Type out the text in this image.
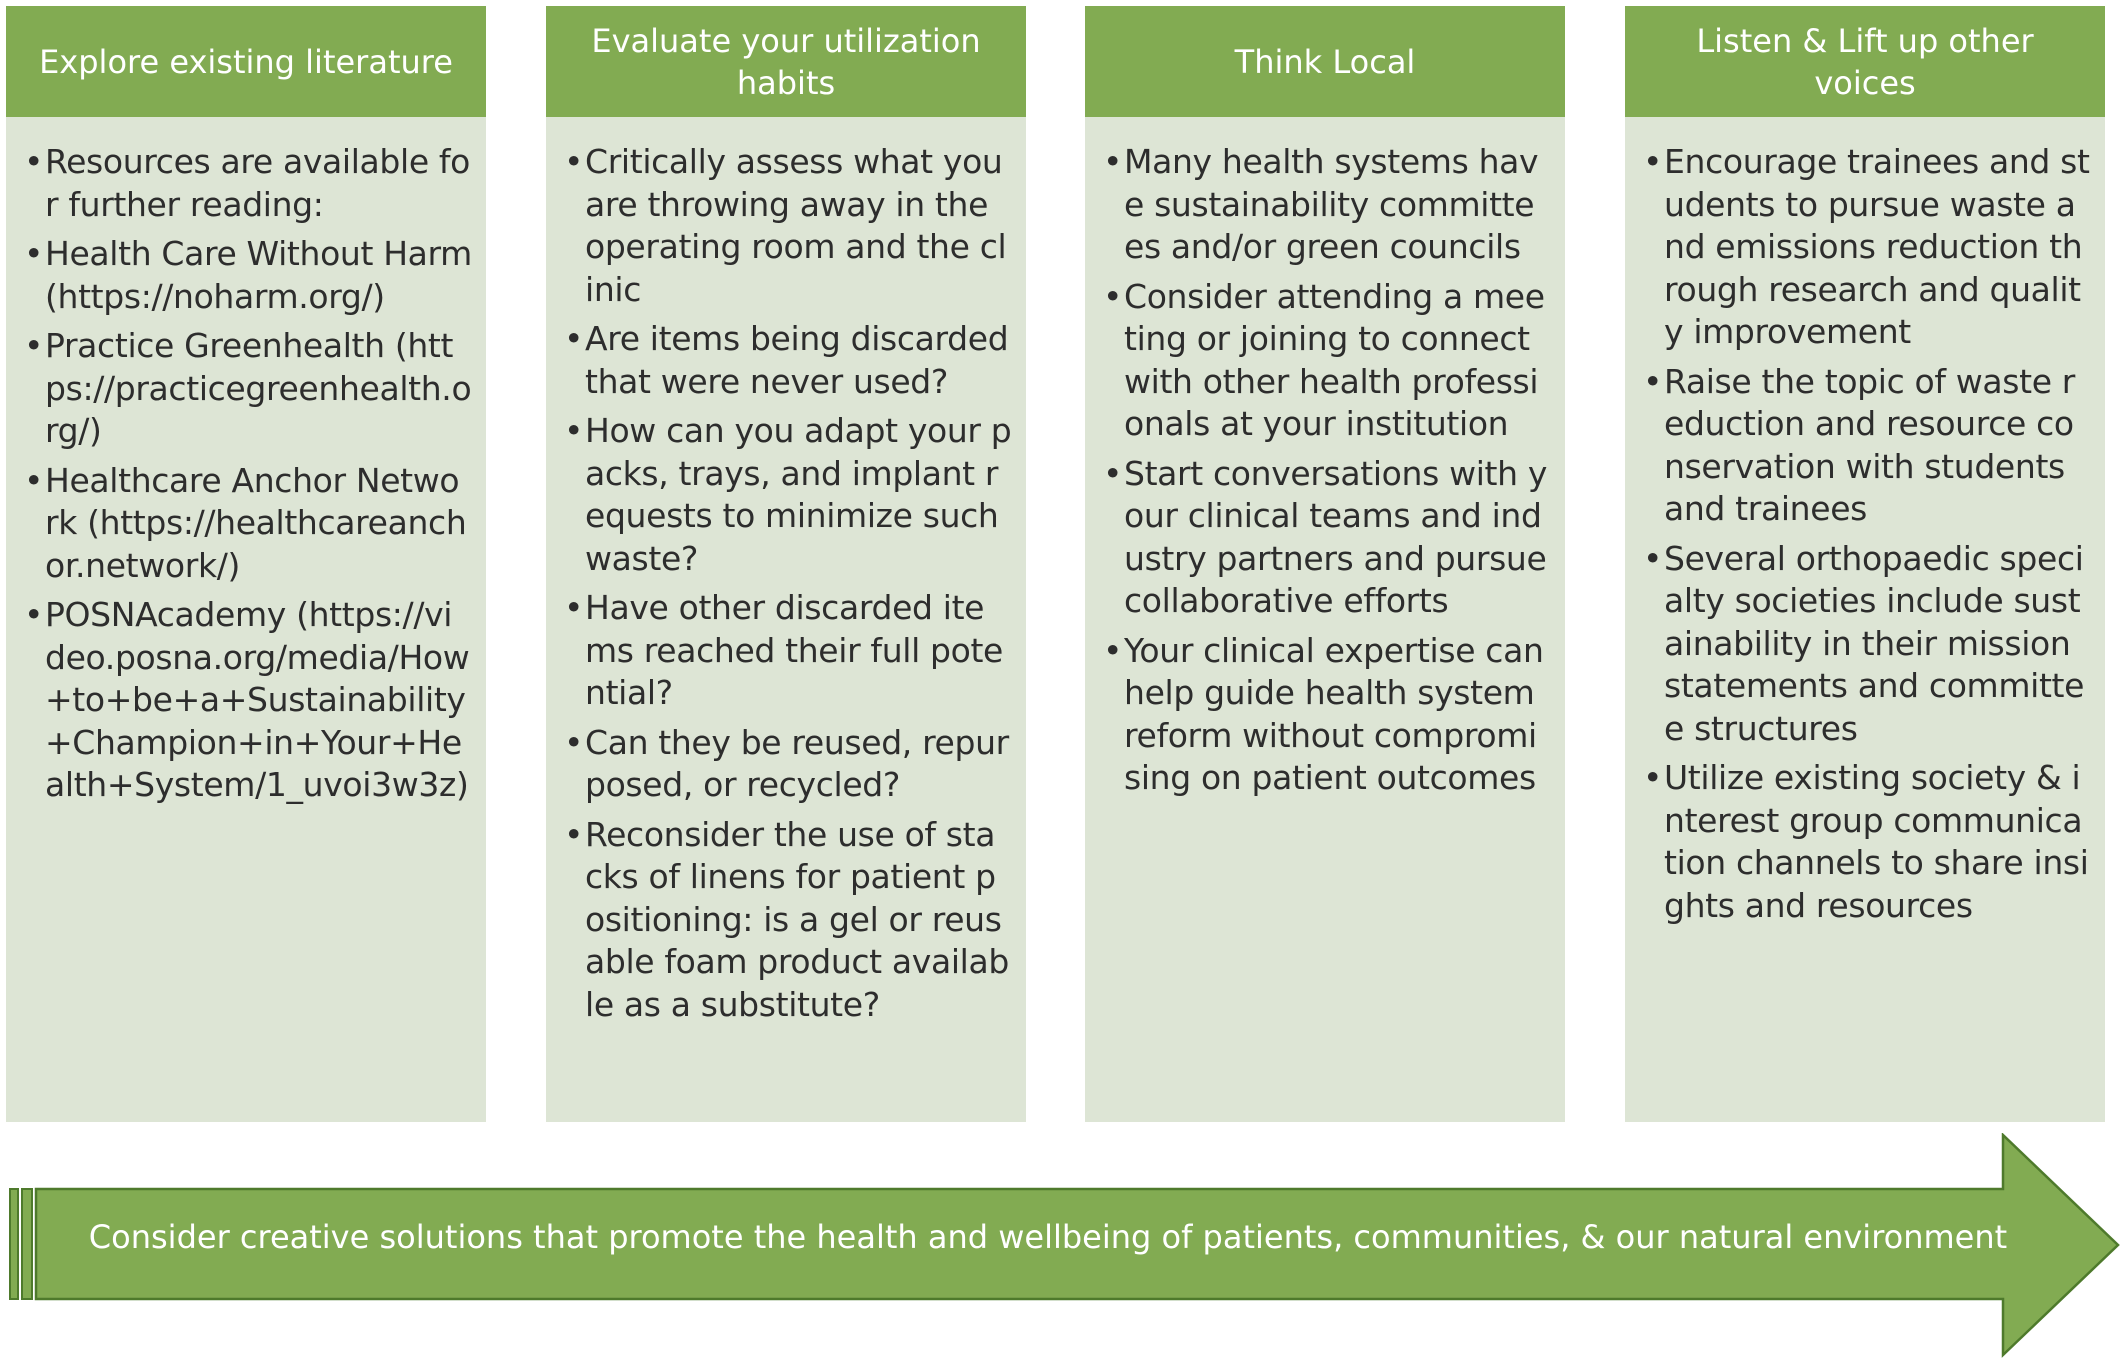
Explore existing literature
• Resources are available for further reading:
• Health Care Without Harm (https://noharm.org/)
• Practice Greenhealth (https://practicegreenhealth.org/)
• Healthcare Anchor Network (https://healthcareanchor.network/)
• POSNAcademy (https://video.posna.org/media/How+to+be+a+Sustainability+Champion+in+Your+Health+System/1_uvoi3w3z)
Evaluate your utilization habits
• Critically assess what you are throwing away in the operating room and the clinic
• Are items being discarded that were never used?
• How can you adapt your packs, trays, and implant requests to minimize such waste?
• Have other discarded items reached their full potential?
• Can they be reused, repurposed, or recycled?
• Reconsider the use of stacks of linens for patient positioning: is a gel or reusable foam product available as a substitute?
Think Local
• Many health systems have sustainability committees and/or green councils
• Consider attending a meeting or joining to connect with other health professionals at your institution
• Start conversations with your clinical teams and industry partners and pursue collaborative efforts
• Your clinical expertise can help guide health system reform without compromising on patient outcomes
Listen & Lift up other voices
• Encourage trainees and students to pursue waste and emissions reduction through research and quality improvement
• Raise the topic of waste reduction and resource conservation with students and trainees
• Several orthopaedic specialty societies include sustainability in their mission statements and committee structures
• Utilize existing society & interest group communication channels to share insights and resources
Consider creative solutions that promote the health and wellbeing of patients, communities, & our natural environment
